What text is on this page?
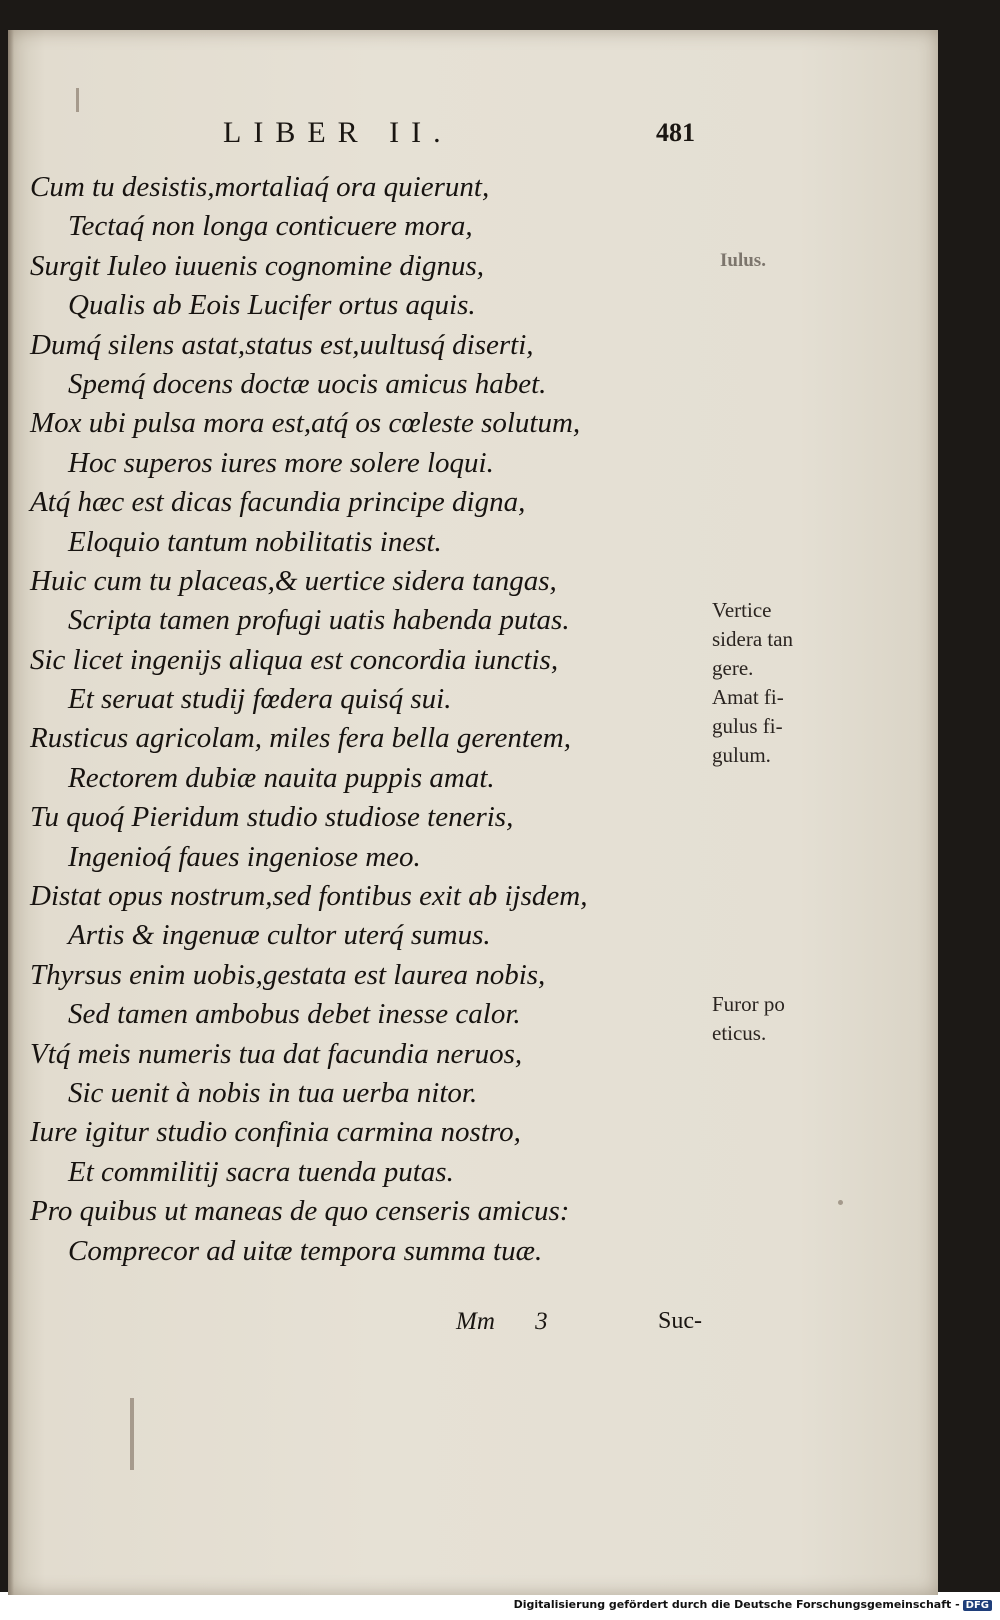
LIBER II.	481
Cum tu desistis,mortaliaq́ ora quierunt,
Tectaq́ non longa conticuere mora,
Surgit Iuleo iuuenis cognomine dignus,
Qualis ab Eois Lucifer ortus aquis.
Dumq́ silens astat,status est,uultusq́ diserti,
Spemq́ docens doctæ uocis amicus habet.
Mox ubi pulsa mora est,atq́ os cœleste solutum,
Hoc superos iures more solere loqui.
Atq́ hæc est dicas facundia principe digna,
Eloquio tantum nobilitatis inest.
Huic cum tu placeas,& uertice sidera tangas,
Scripta tamen profugi uatis habenda putas.
Sic licet ingenijs aliqua est concordia iunctis,
Et seruat studij fœdera quisq́ sui.
Rusticus agricolam, miles fera bella gerentem,
Rectorem dubiæ nauita puppis amat.
Tu quoq́ Pieridum studio studiose teneris,
Ingenioq́ faues ingeniose meo.
Distat opus nostrum,sed fontibus exit ab ijsdem,
Artis & ingenuæ cultor uterq́ sumus.
Thyrsus enim uobis,gestata est laurea nobis,
Sed tamen ambobus debet inesse calor.
Vtq́ meis numeris tua dat facundia neruos,
Sic uenit à nobis in tua uerba nitor.
Iure igitur studio confinia carmina nostro,
Et commilitij sacra tuenda putas.
Pro quibus ut maneas de quo censeris amicus:
Comprecor ad uitæ tempora summa tuæ.
Iulus.
Vertice
sidera tan
gere.
Amat fi-
gulus fi-
gulum.
Furor po
eticus.
Mm 3	Suc-
Digitalisierung gefördert durch die Deutsche Forschungsgemeinschaft - DFG
